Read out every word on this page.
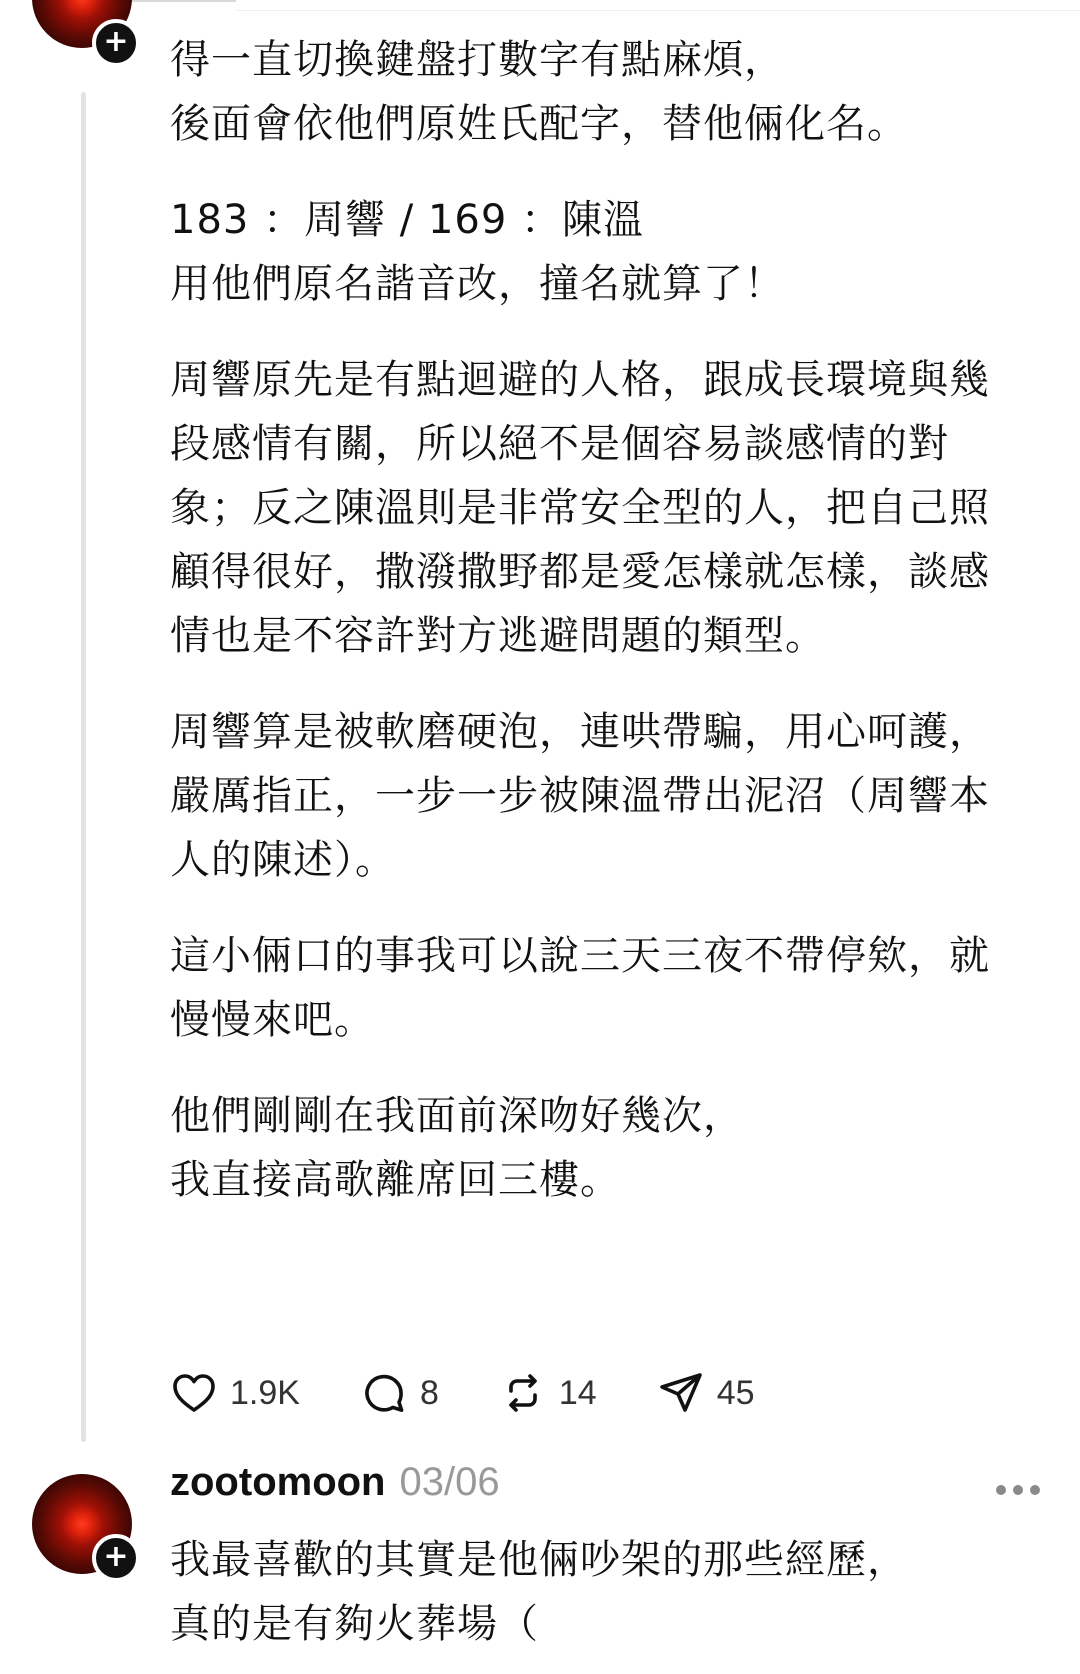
+ 得一直切換鍵盤打數字有點麻煩，
後面會依他們原姓氏配字，替他倆化名。

183 ：周響 / 169 ：陳溫
用他們原名諧音改，撞名就算了！

周響原先是有點迴避的人格，跟成長環境與幾段感情有關，所以絕不是個容易談感情的對象；反之陳溫則是非常安全型的人，把自己照顧得很好，撒潑撒野都是愛怎樣就怎樣，談感情也是不容許對方逃避問題的類型。

周響算是被軟磨硬泡，連哄帶騙，用心呵護，嚴厲指正，一步一步被陳溫帶出泥沼（周響本人的陳述）。

這小倆口的事我可以說三天三夜不帶停欸，就慢慢來吧。

他們剛剛在我面前深吻好幾次，
我直接高歌離席回三樓。

1.9K	8	14	45
+
zootomoon 03/06
我最喜歡的其實是他倆吵架的那些經歷，
真的是有夠火葬場（
